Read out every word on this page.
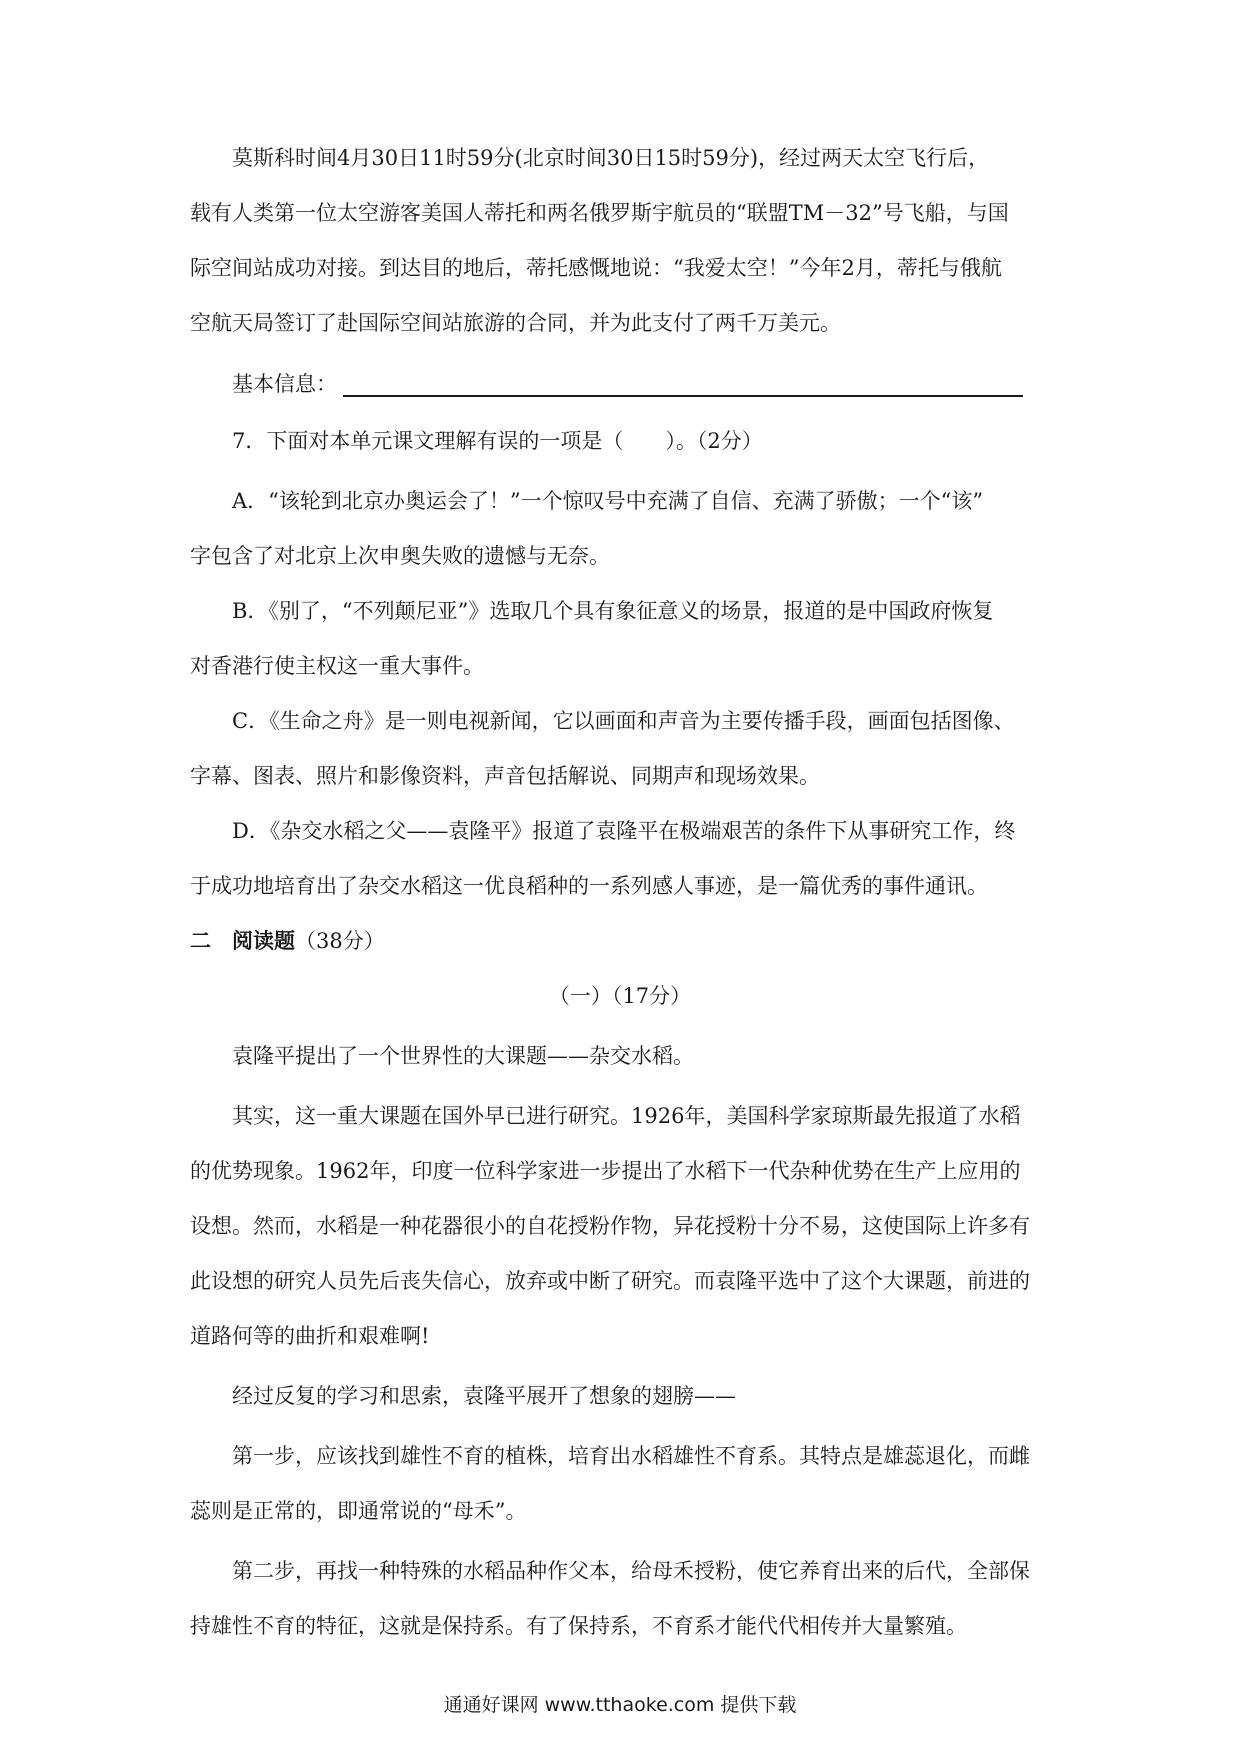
莫斯科时间4月30日11时59分(北京时间30日15时59分)，经过两天太空飞行后，
载有人类第一位太空游客美国人蒂托和两名俄罗斯宇航员的“联盟TM－32”号飞船，与国
际空间站成功对接。到达目的地后，蒂托感慨地说：“我爱太空！”今年2月，蒂托与俄航
空航天局签订了赴国际空间站旅游的合同，并为此支付了两千万美元。
基本信息：
7．下面对本单元课文理解有误的一项是（　　）。（2分）
A．“该轮到北京办奥运会了！”一个惊叹号中充满了自信、充满了骄傲；一个“该”
字包含了对北京上次申奥失败的遗憾与无奈。
B．《别了，“不列颠尼亚”》选取几个具有象征意义的场景，报道的是中国政府恢复
对香港行使主权这一重大事件。
C．《生命之舟》是一则电视新闻，它以画面和声音为主要传播手段，画面包括图像、
字幕、图表、照片和影像资料，声音包括解说、同期声和现场效果。
D．《杂交水稻之父——袁隆平》报道了袁隆平在极端艰苦的条件下从事研究工作，终
于成功地培育出了杂交水稻这一优良稻种的一系列感人事迹，是一篇优秀的事件通讯。
二 阅读题（38分）
（一）（17分）
袁隆平提出了一个世界性的大课题——杂交水稻。
其实，这一重大课题在国外早已进行研究。1926年，美国科学家琼斯最先报道了水稻
的优势现象。1962年，印度一位科学家进一步提出了水稻下一代杂种优势在生产上应用的
设想。然而，水稻是一种花器很小的自花授粉作物，异花授粉十分不易，这使国际上许多有
此设想的研究人员先后丧失信心，放弃或中断了研究。而袁隆平选中了这个大课题，前进的
道路何等的曲折和艰难啊!
经过反复的学习和思索，袁隆平展开了想象的翅膀——
第一步，应该找到雄性不育的植株，培育出水稻雄性不育系。其特点是雄蕊退化，而雌
蕊则是正常的，即通常说的“母禾”。
第二步，再找一种特殊的水稻品种作父本，给母禾授粉，使它养育出来的后代，全部保
持雄性不育的特征，这就是保持系。有了保持系，不育系才能代代相传并大量繁殖。
通通好课网 www.tthaoke.com 提供下载
